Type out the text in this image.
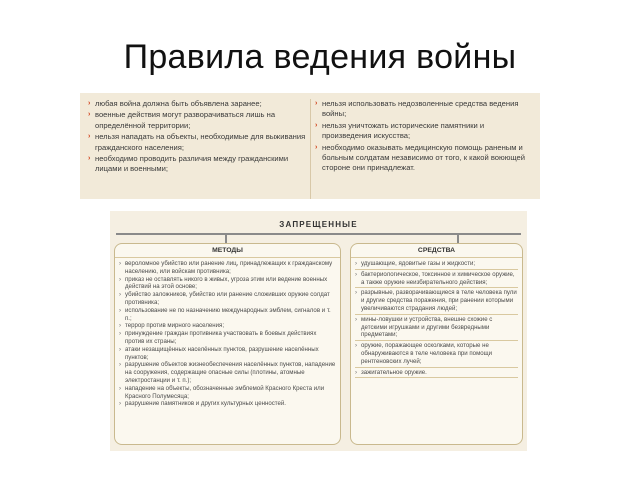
Правила ведения войны
› любая война должна быть объявлена заранее;
› военные действия могут разворачиваться лишь на определённой территории;
› нельзя нападать на объекты, необходимые для выживания гражданского населения;
› необходимо проводить различия между гражданскими лицами и военными;
› нельзя использовать недозволенные средства ведения войны;
› нельзя уничтожать исторические памятники и произведения искусства;
› необходимо оказывать медицинскую помощь раненым и больным солдатам независимо от того, к какой воюющей стороне они принадлежат.
ЗАПРЕЩЕННЫЕ
МЕТОДЫ
› вероломное убийство или ранение лиц, принадлежащих к гражданскому населению, или войскам противника;
› приказ не оставлять никого в живых, угроза этим или ведение военных действий на этой основе;
› убийство заложников, убийство или ранение сложивших оружие солдат противника;
› использование не по назначению международных эмблем, сигналов и т. п.;
› террор против мирного населения;
› принуждение граждан противника участвовать в боевых действиях против их страны;
› атаки незащищённых населённых пунктов, разрушение населённых пунктов;
› разрушение объектов жизнеобеспечения населённых пунктов, нападение на сооружения, содержащие опасные силы (плотины, атомные электростанции и т. п.);
› нападение на объекты, обозначенные эмблемой Красного Креста или Красного Полумесяца;
› разрушение памятников и других культурных ценностей.
СРЕДСТВА
› удушающие, ядовитые газы и жидкости;
› бактериологическое, токсинное и химическое оружие, а также оружие неизбирательного действия;
› разрывные, разворачивающиеся в теле человека пули и другие средства поражения, при ранении которыми увеличиваются страдания людей;
› мины-ловушки и устройства, внешне схожие с детскими игрушками и другими безвредными предметами;
› оружие, поражающее осколками, которые не обнаруживаются в теле человека при помощи рентгеновских лучей;
› зажигательное оружие.
